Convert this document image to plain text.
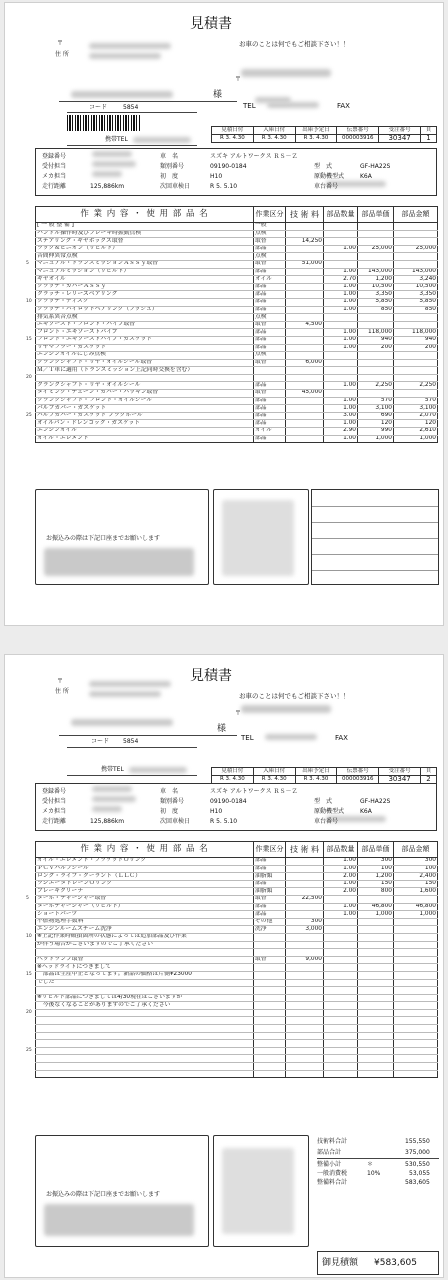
見積書
お車のことは何でもご相談下さい！！
〒
住 所
〒
様
TEL	FAX
コード	5854
携帯TEL
見積日付	入庫日付	出庫予定日	伝票番号	受注番号	頁
R 3. 4.30	R 3. 4.30	R 3. 4.30	000003916	30347	1
登録番号		車　名	スズキ アルトワークス ＲＳ－Ｚ		
受付担当		類別番号	09190-0184	型　式	GF-HA22S
メカ担当		初　度	H10	原動機型式	K6A
走行距離	125,886km	次回車検日	R 5. 5.10	車台番号	
作 業 内 容 ・ 使 用 部 品 名	作業区分	技 術 料	部品数量	部品単価	部品金額
[ 一 般 整 備 ]	一般				
ハンドル操作時及びブレーキ時振動点検	点検				
ステアリング・ギヤボックス取替	取替	14,250			
ラック＆ピニオン（リビルト）	部品		1.00	25,000	25,000
音間伸異常点検	点検				
マニュアル・トランスミッションＡｓｓｙ取替	取替	51,000			
マニュアルミッション（リビルト）	部品		1.00	143,000	143,000
ギヤオイル	オイル		2.70	1,200	3,240
クラッチ・カバーＡｓｓｙ	部品		1.00	10,500	10,500
クラッチ・レリーズベアリング	部品		1.00	3,350	3,350
クラッチ・ディスク	部品		1.00	5,850	5,850
クラッチ・パイロットベアリング（ブッシュ）	部品		1.00	850	850
排気系異音点検	点検				
エキゾースト・フロント・パイプ取替	取替	4,500			
フロント・エキゾーストパイプ	部品		1.00	118,000	118,000
フロント・エキゾーストパイプ・ガスケット	部品		1.00	940	940
リヤマフラー・ガスケット	部品		1.00	200	200
エンジンオイルにじみ点検	点検				
クランクシャフト・リヤ・オイルシール取替	取替	6,000			
Ｍ／Ｔ車に適用（トランスミッション上記同時交換を含む）					

クランクシャフト・リヤ・オイルシール	部品		1.00	2,250	2,250
タイミング・チェーン・カバー・パッキン取替	取替	45,000			
クランクシャフト・フロント・オイルシール	部品		1.00	570	570
バルブカバー・ガスケット	部品		1.00	3,100	3,100
バルブカバー・ガスケット プラグホール	部品		3.00	690	2,070
オイルパン・ドレンコック・ガスケット	部品		1.00	120	120
エンジンオイル	オイル		2.90	990	2,610
オイル・エレメント	部品		1.00	1,000	1,000
5
10
15
20
25
お振込みの際は下記口座までお願いします
見積書
お車のことは何でもご相談下さい！！
〒
住 所
〒
様
TEL	FAX
コード 5854
携帯TEL	見積日付	入庫日付	出庫予定日	伝票番号	受注番号	頁
R 3. 4.30	R 3. 4.30	R 3. 4.30	000003916	30347	2
登録番号		車　名	スズキ アルトワークス ＲＳ－Ｚ		
受付担当		類別番号	09190-0184	型　式	GF-HA22S
メカ担当		初　度	H10	原動機型式	K6A
走行距離	125,886km	次回車検日	R 5. 5.10	車台番号	
作 業 内 容 ・ 使 用 部 品 名	作業区分	技 術 料	部品数量	部品単価	部品金額
オイル・エレメント・ブラケットＯリング	部品		1.00	300	300
ＰＣＶバルブシール	部品		1.00	100	100
ロング・ライフ・クーラント（ＬＬＣ）	油脂類		2.00	1,200	2,400
ラジエータドレーンＯリング	部品		1.00	150	150
ブレーキクリーナ	油脂類		2.00	800	1,600
ターボ・チャージャー取替	取替	22,500			
ターボチャージャー（リビルト）	部品		1.00	46,800	46,800
ショートパーツ	部品		1.00	1,000	1,000
不燃物処理手数料	その他	300			
エンジンルームスチーム洗浄	洗浄	3,000			
※上記作業時破損箇所の状態によっては追加部品及び作業					
が伴う場合がございますのでご了承ください					

ヘッドランプ取替	取替	9,000			
※ヘッドライトにつきまして					
　部品は生産中止となってます。新品の価格は片側¥23000					
でした					

※リビルト部品につきましては4/30現在はございますが					
　今後なくなることがありますのでご了承ください					

5
10
15
20
25
お振込みの際は下記口座までお願いします
技術料合計	155,550
部品合計	375,000
整備小計	＊	530,550
一般消費税	10%	53,055
整備料合計	583,605
御見積額 ¥583,605
